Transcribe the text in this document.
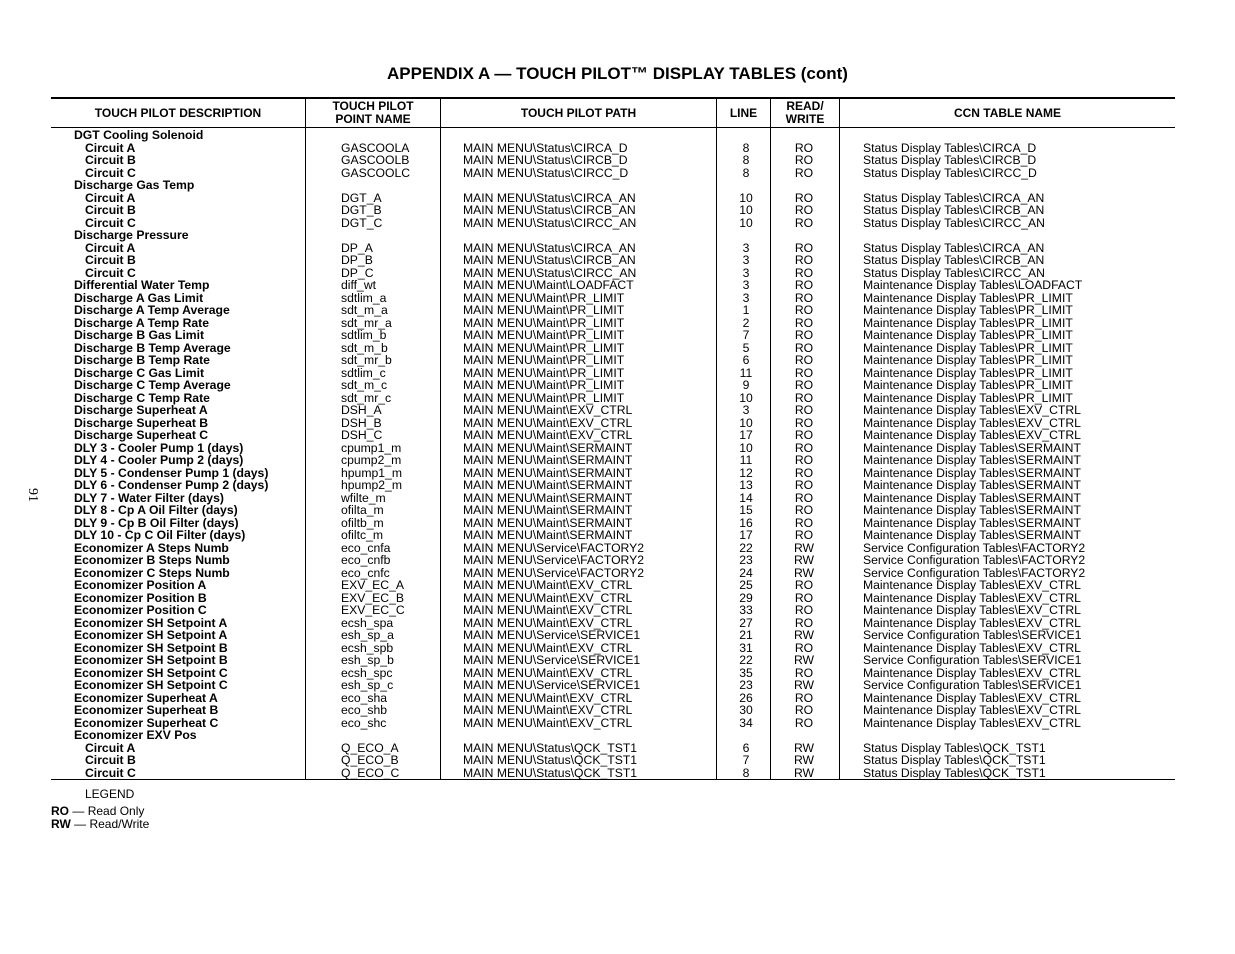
APPENDIX A — TOUCH PILOT™ DISPLAY TABLES (cont)
91
TOUCH PILOT DESCRIPTION	TOUCH PILOT POINT NAME	TOUCH PILOT PATH	LINE	READ/ WRITE	CCN TABLE NAME
DGT Cooling Solenoid
Circuit A	GASCOOLA	MAIN MENU\Status\CIRCA_D	8	RO	Status Display Tables\CIRCA_D
Circuit B	GASCOOLB	MAIN MENU\Status\CIRCB_D	8	RO	Status Display Tables\CIRCB_D
Circuit C	GASCOOLC	MAIN MENU\Status\CIRCC_D	8	RO	Status Display Tables\CIRCC_D
Discharge Gas Temp
Circuit A	DGT_A	MAIN MENU\Status\CIRCA_AN	10	RO	Status Display Tables\CIRCA_AN
Circuit B	DGT_B	MAIN MENU\Status\CIRCB_AN	10	RO	Status Display Tables\CIRCB_AN
Circuit C	DGT_C	MAIN MENU\Status\CIRCC_AN	10	RO	Status Display Tables\CIRCC_AN
Discharge Pressure
Circuit A	DP_A	MAIN MENU\Status\CIRCA_AN	3	RO	Status Display Tables\CIRCA_AN
Circuit B	DP_B	MAIN MENU\Status\CIRCB_AN	3	RO	Status Display Tables\CIRCB_AN
Circuit C	DP_C	MAIN MENU\Status\CIRCC_AN	3	RO	Status Display Tables\CIRCC_AN
Differential Water Temp	diff_wt	MAIN MENU\Maint\LOADFACT	3	RO	Maintenance Display Tables\LOADFACT
Discharge A Gas Limit	sdtlim_a	MAIN MENU\Maint\PR_LIMIT	3	RO	Maintenance Display Tables\PR_LIMIT
Discharge A Temp Average	sdt_m_a	MAIN MENU\Maint\PR_LIMIT	1	RO	Maintenance Display Tables\PR_LIMIT
Discharge A Temp Rate	sdt_mr_a	MAIN MENU\Maint\PR_LIMIT	2	RO	Maintenance Display Tables\PR_LIMIT
Discharge B Gas Limit	sdtlim_b	MAIN MENU\Maint\PR_LIMIT	7	RO	Maintenance Display Tables\PR_LIMIT
Discharge B Temp Average	sdt_m_b	MAIN MENU\Maint\PR_LIMIT	5	RO	Maintenance Display Tables\PR_LIMIT
Discharge B Temp Rate	sdt_mr_b	MAIN MENU\Maint\PR_LIMIT	6	RO	Maintenance Display Tables\PR_LIMIT
Discharge C Gas Limit	sdtlim_c	MAIN MENU\Maint\PR_LIMIT	11	RO	Maintenance Display Tables\PR_LIMIT
Discharge C Temp Average	sdt_m_c	MAIN MENU\Maint\PR_LIMIT	9	RO	Maintenance Display Tables\PR_LIMIT
Discharge C Temp Rate	sdt_mr_c	MAIN MENU\Maint\PR_LIMIT	10	RO	Maintenance Display Tables\PR_LIMIT
Discharge Superheat A	DSH_A	MAIN MENU\Maint\EXV_CTRL	3	RO	Maintenance Display Tables\EXV_CTRL
Discharge Superheat B	DSH_B	MAIN MENU\Maint\EXV_CTRL	10	RO	Maintenance Display Tables\EXV_CTRL
Discharge Superheat C	DSH_C	MAIN MENU\Maint\EXV_CTRL	17	RO	Maintenance Display Tables\EXV_CTRL
DLY 3 - Cooler Pump 1 (days)	cpump1_m	MAIN MENU\Maint\SERMAINT	10	RO	Maintenance Display Tables\SERMAINT
DLY 4 - Cooler Pump 2 (days)	cpump2_m	MAIN MENU\Maint\SERMAINT	11	RO	Maintenance Display Tables\SERMAINT
DLY 5 - Condenser Pump 1 (days)	hpump1_m	MAIN MENU\Maint\SERMAINT	12	RO	Maintenance Display Tables\SERMAINT
DLY 6 - Condenser Pump 2 (days)	hpump2_m	MAIN MENU\Maint\SERMAINT	13	RO	Maintenance Display Tables\SERMAINT
DLY 7 - Water Filter (days)	wfilte_m	MAIN MENU\Maint\SERMAINT	14	RO	Maintenance Display Tables\SERMAINT
DLY 8 - Cp A Oil Filter (days)	ofilta_m	MAIN MENU\Maint\SERMAINT	15	RO	Maintenance Display Tables\SERMAINT
DLY 9 - Cp B Oil Filter (days)	ofiltb_m	MAIN MENU\Maint\SERMAINT	16	RO	Maintenance Display Tables\SERMAINT
DLY 10 - Cp C Oil Filter (days)	ofiltc_m	MAIN MENU\Maint\SERMAINT	17	RO	Maintenance Display Tables\SERMAINT
Economizer A Steps Numb	eco_cnfa	MAIN MENU\Service\FACTORY2	22	RW	Service Configuration Tables\FACTORY2
Economizer B Steps Numb	eco_cnfb	MAIN MENU\Service\FACTORY2	23	RW	Service Configuration Tables\FACTORY2
Economizer C Steps Numb	eco_cnfc	MAIN MENU\Service\FACTORY2	24	RW	Service Configuration Tables\FACTORY2
Economizer Position A	EXV_EC_A	MAIN MENU\Maint\EXV_CTRL	25	RO	Maintenance Display Tables\EXV_CTRL
Economizer Position B	EXV_EC_B	MAIN MENU\Maint\EXV_CTRL	29	RO	Maintenance Display Tables\EXV_CTRL
Economizer Position C	EXV_EC_C	MAIN MENU\Maint\EXV_CTRL	33	RO	Maintenance Display Tables\EXV_CTRL
Economizer SH Setpoint A	ecsh_spa	MAIN MENU\Maint\EXV_CTRL	27	RO	Maintenance Display Tables\EXV_CTRL
Economizer SH Setpoint A	esh_sp_a	MAIN MENU\Service\SERVICE1	21	RW	Service Configuration Tables\SERVICE1
Economizer SH Setpoint B	ecsh_spb	MAIN MENU\Maint\EXV_CTRL	31	RO	Maintenance Display Tables\EXV_CTRL
Economizer SH Setpoint B	esh_sp_b	MAIN MENU\Service\SERVICE1	22	RW	Service Configuration Tables\SERVICE1
Economizer SH Setpoint C	ecsh_spc	MAIN MENU\Maint\EXV_CTRL	35	RO	Maintenance Display Tables\EXV_CTRL
Economizer SH Setpoint C	esh_sp_c	MAIN MENU\Service\SERVICE1	23	RW	Service Configuration Tables\SERVICE1
Economizer Superheat A	eco_sha	MAIN MENU\Maint\EXV_CTRL	26	RO	Maintenance Display Tables\EXV_CTRL
Economizer Superheat B	eco_shb	MAIN MENU\Maint\EXV_CTRL	30	RO	Maintenance Display Tables\EXV_CTRL
Economizer Superheat C	eco_shc	MAIN MENU\Maint\EXV_CTRL	34	RO	Maintenance Display Tables\EXV_CTRL
Economizer EXV Pos
Circuit A	Q_ECO_A	MAIN MENU\Status\QCK_TST1	6	RW	Status Display Tables\QCK_TST1
Circuit B	Q_ECO_B	MAIN MENU\Status\QCK_TST1	7	RW	Status Display Tables\QCK_TST1
Circuit C	Q_ECO_C	MAIN MENU\Status\QCK_TST1	8	RW	Status Display Tables\QCK_TST1
LEGEND
RO — Read Only
RW — Read/Write
